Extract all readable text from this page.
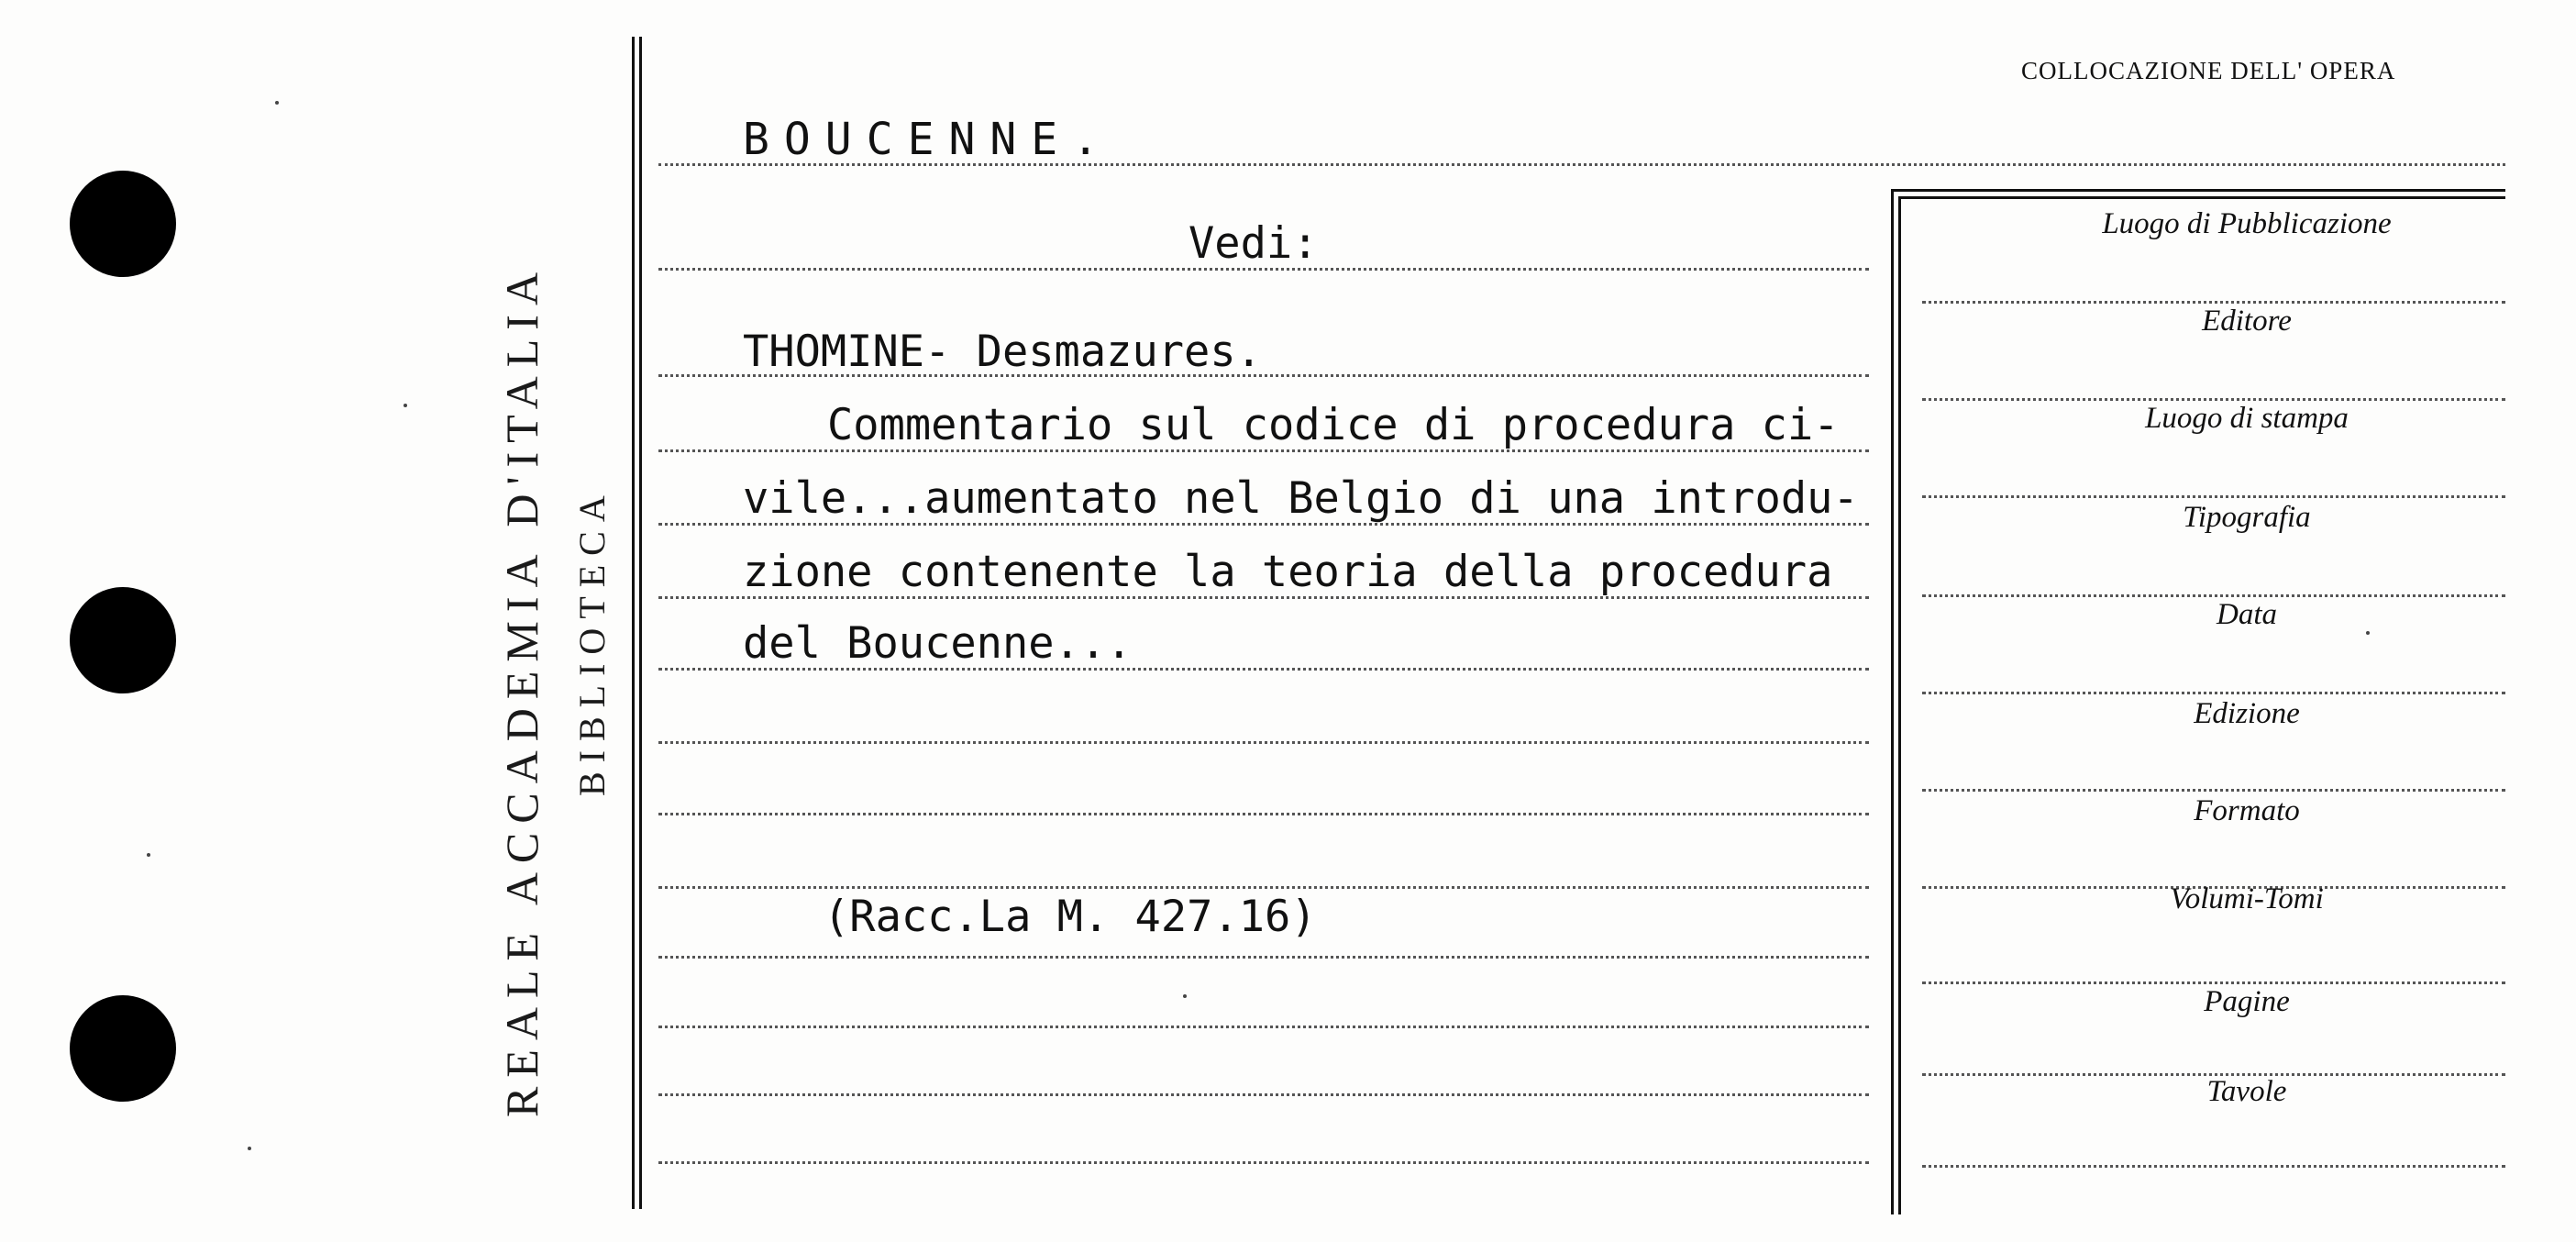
REALE ACCADEMIA D'ITALIA BIBLIOTECA
COLLOCAZIONE DELL' OPERA
Luogo di Pubblicazione
Editore
Luogo di stampa
Tipografia
Data
Edizione
Formato
Volumi-Tomi
Pagine
Tavole
BOUCENNE.
Vedi:
THOMINE- Desmazures.
Commentario sul codice di procedura ci-
vile...aumentato nel Belgio di una introdu-
zione contenente la teoria della procedura
del Boucenne...
(Racc.La M. 427.16)
